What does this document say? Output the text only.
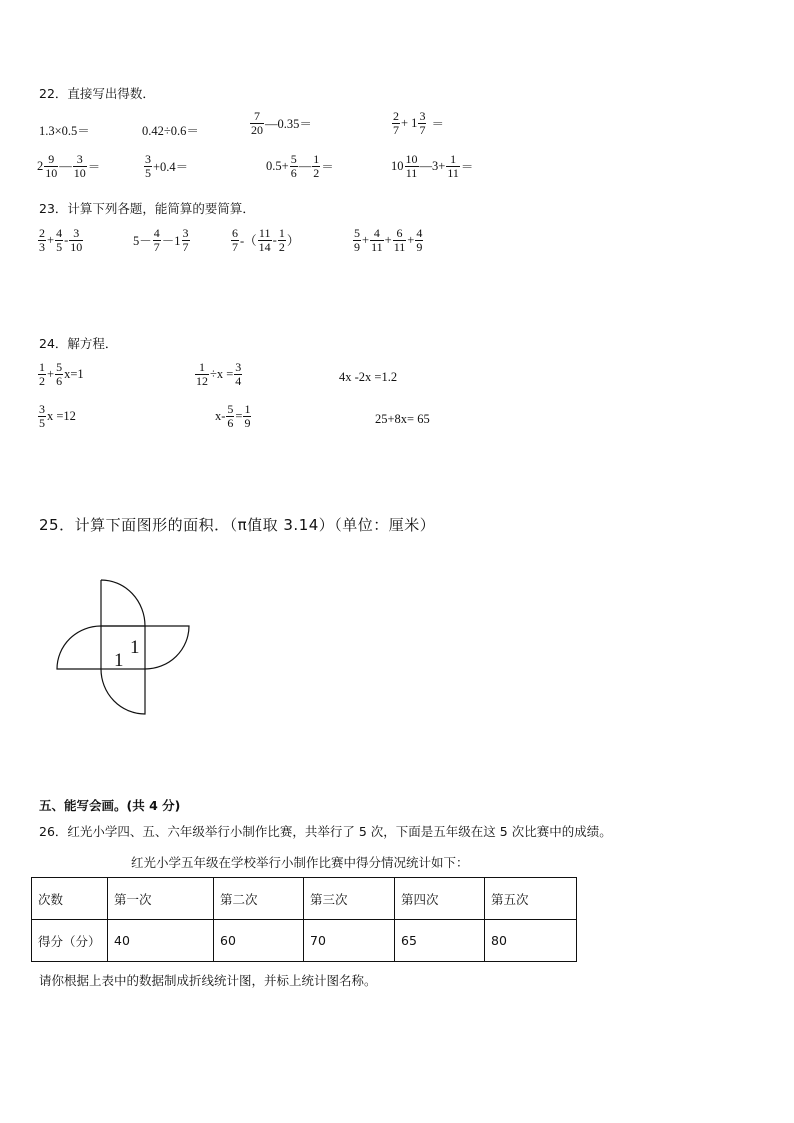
22．直接写出得数．
1.3×0.5＝	0.42÷0.6＝	$\frac{7}{20}$ —0.35＝	$\frac{2}{7} + 1 \frac{3}{7}$ ＝
$2 \frac{9}{10}$ — $\frac{3}{10}$ ＝	$\frac{3}{5} +0.4=$	$0.5+ \frac{5}{6}$ — $\frac{1}{2}$ ＝	$10 \frac{10}{11}$ —3+ $\frac{1}{11}$ ＝
23．计算下列各题，能简算的要简算．
$\frac{2}{3} + \frac{4}{5} - \frac{3}{10}$	$5- \frac{4}{7} -1 \frac{3}{7}$	$\frac{6}{7}$ -（ $\frac{11}{14} - \frac{1}{2}$ ）	$\frac{5}{9} + \frac{4}{11} + \frac{6}{11} + \frac{4}{9}$
24．解方程．
$\frac{1}{2} + \frac{5}{6} x=1$	$\frac{1}{12} \div x = \frac{3}{4}$	4x -2x =1.2
$\frac{3}{5}$ x =12	$x- \frac{5}{6} = \frac{1}{9}$	25+8x= 65
25．计算下面图形的面积．（π值取 3.14）（单位：厘米）
1
1
五、能写会画。(共 4 分)
26．红光小学四、五、六年级举行小制作比赛，共举行了 5 次，下面是五年级在这 5 次比赛中的成绩。
红光小学五年级在学校举行小制作比赛中得分情况统计如下：
次数	第一次	第二次	第三次	第四次	第五次
得分（分）	40	60	70	65	80
请你根据上表中的数据制成折线统计图，并标上统计图名称。
